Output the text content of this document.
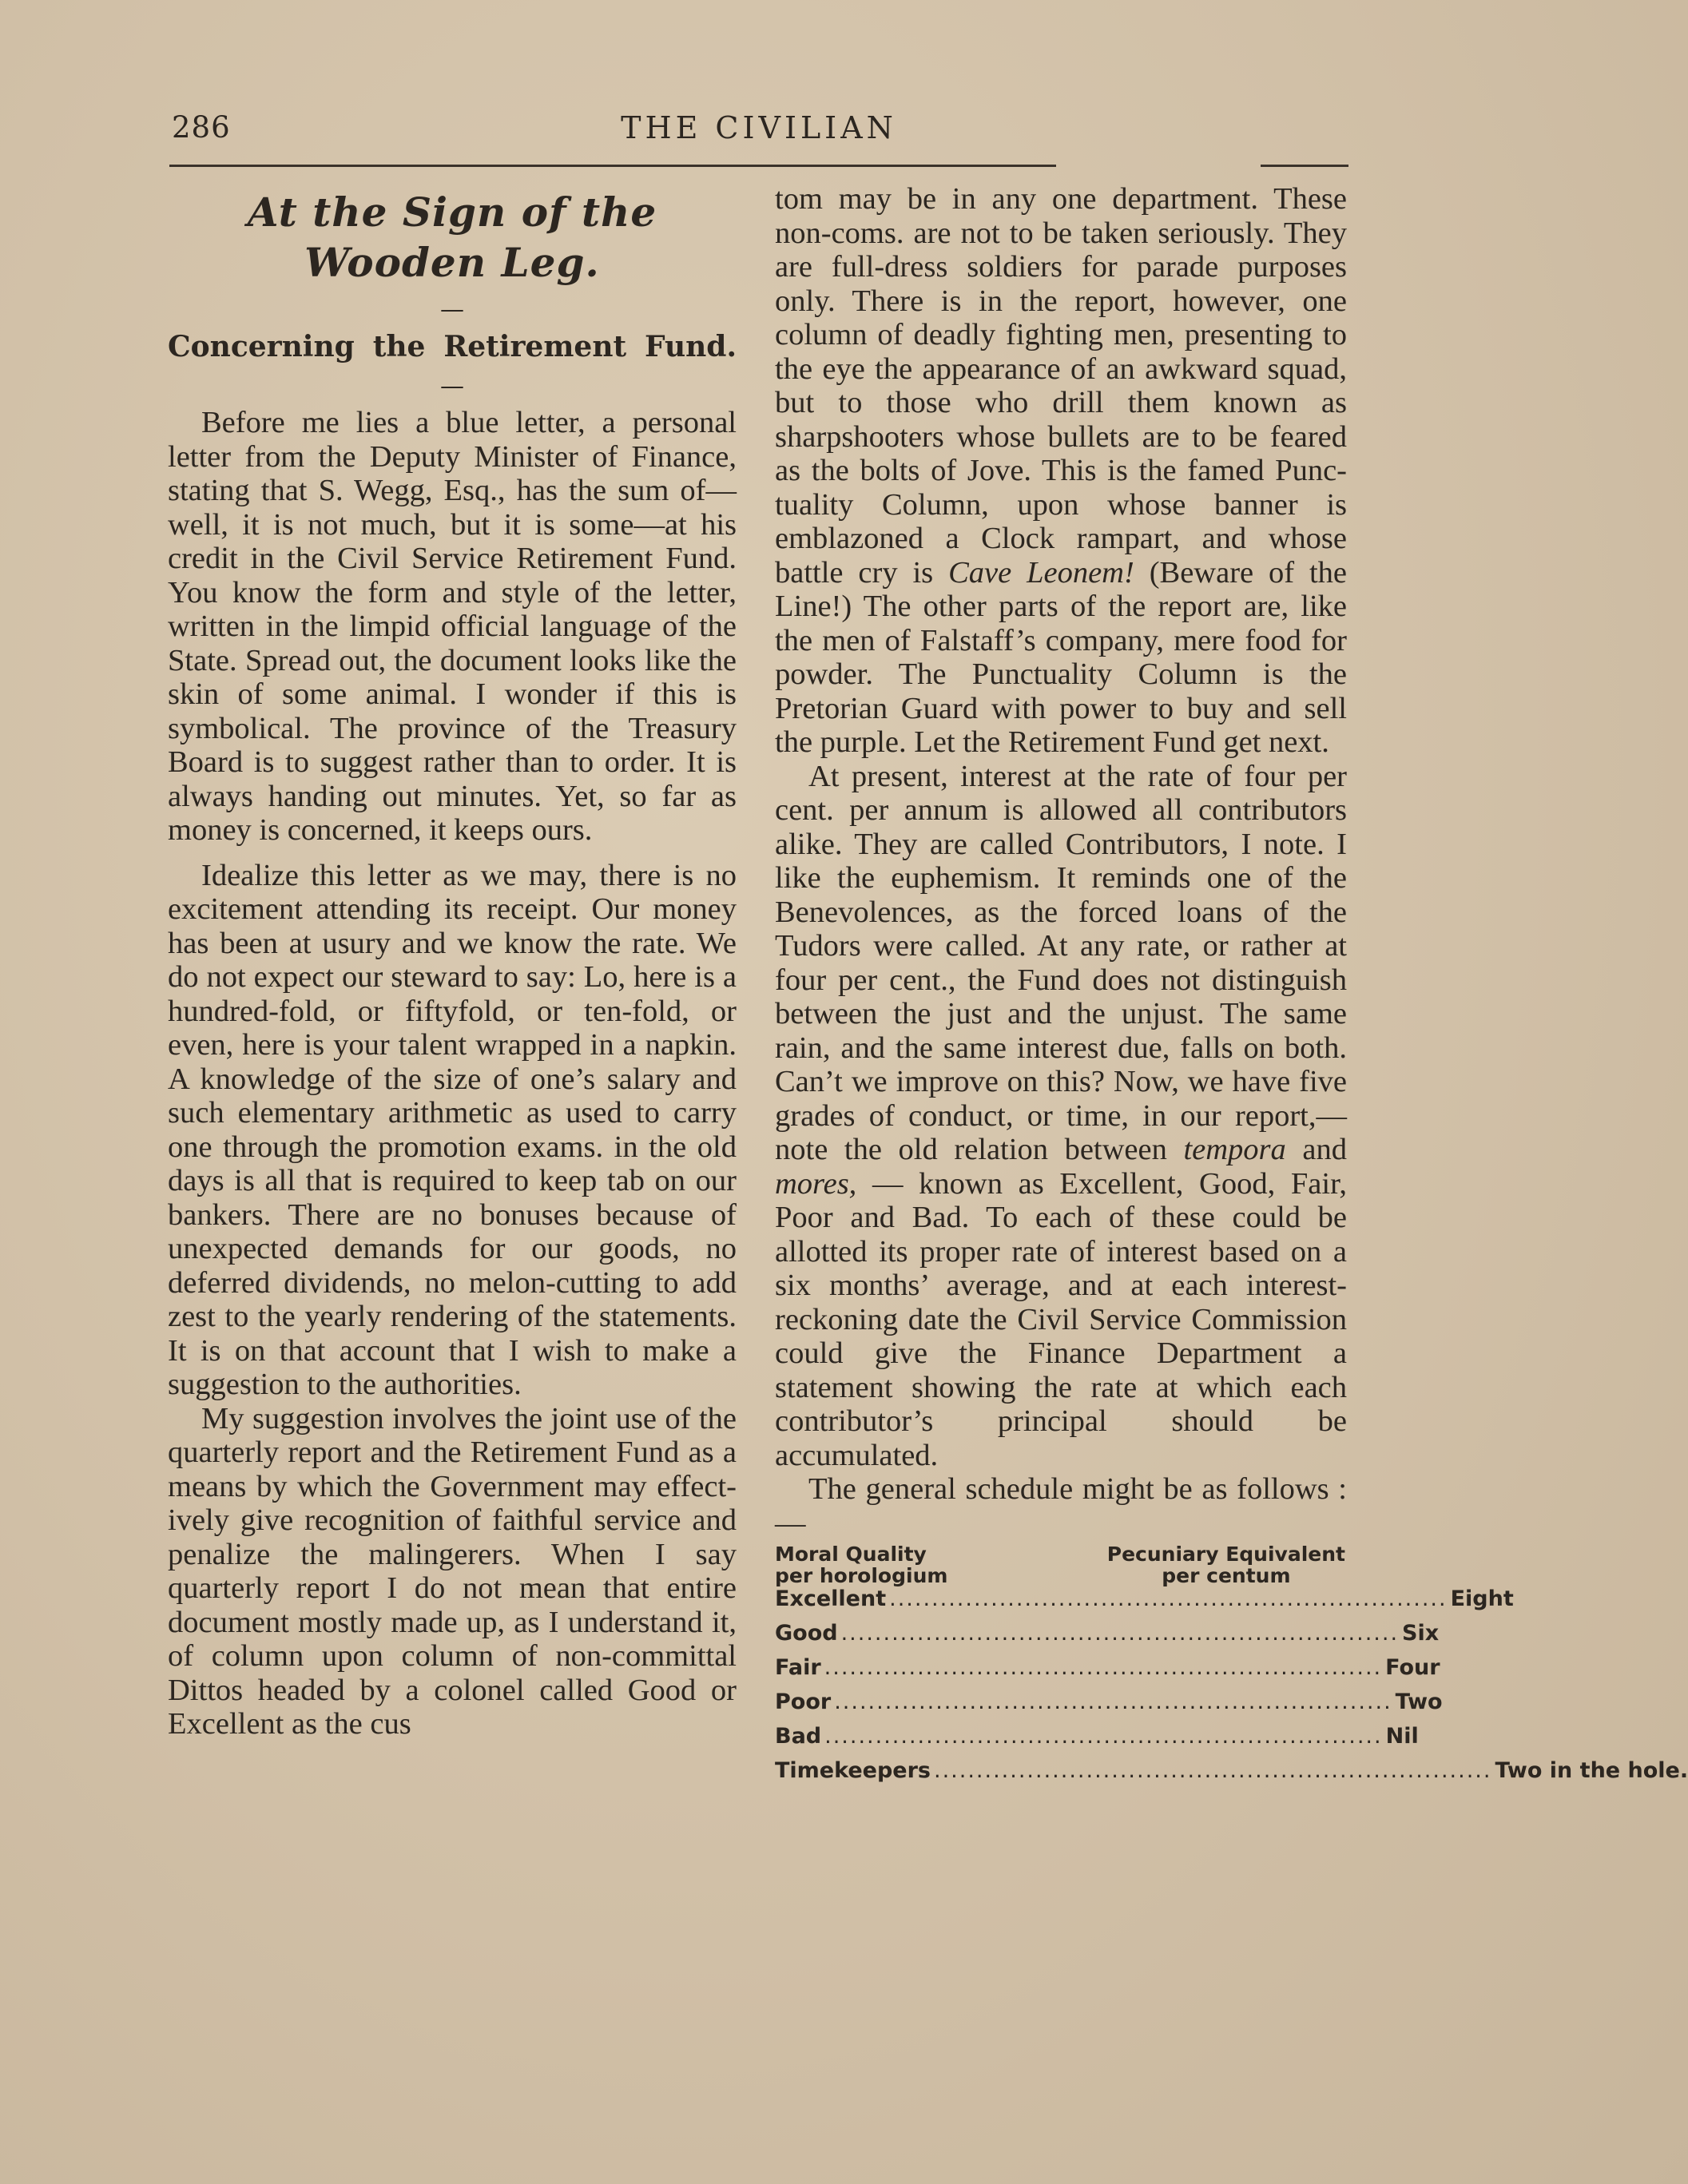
286	THE CIVILIAN
At the Sign of the Wooden Leg.
—

Concerning the Retirement Fund.

—

Before me lies a blue letter, a personal letter from the Deputy Minister of Finance, stating that S. Wegg, Esq., has the sum of—well, it is not much, but it is some—at his credit in the Civil Service Retirement Fund. You know the form and style of the letter, written in the limpid official language of the State. Spread out, the document looks like the skin of some animal. I wonder if this is symbolical. The province of the Treasury Board is to suggest rather than to order. It is always handing out minutes. Yet, so far as money is concerned, it keeps ours.

Idealize this letter as we may, there is no excitement attending its receipt. Our money has been at usury and we know the rate. We do not expect our steward to say: Lo, here is a hundred-fold, or fiftyfold, or ten-fold, or even, here is your talent wrapped in a napkin. A knowledge of the size of one’s salary and such elementary arithmetic as used to carry one through the promotion exams. in the old days is all that is required to keep tab on our bankers. There are no bonuses because of unexpected demands for our goods, no deferred dividends, no melon-cutting to add zest to the yearly rendering of the statements. It is on that account that I wish to make a suggestion to the authorities.

My suggestion involves the joint use of the quarterly report and the Retirement Fund as a means by which the Government may effectively give recognition of faithful service and penalize the malingerers. When I say quarterly report I do not mean that entire document mostly made up, as I understand it, of column upon column of non-committal Dittos headed by a colonel called Good or Excellent as the cus

tom may be in any one department. These non-coms. are not to be taken seriously. They are full-dress soldiers for parade purposes only. There is in the report, however, one column of deadly fighting men, presenting to the eye the appearance of an awkward squad, but to those who drill them known as sharpshooters whose bullets are to be feared as the bolts of Jove. This is the famed Punctuality Column, upon whose banner is emblazoned a Clock rampart, and whose battle cry is Cave Leonem! (Beware of the Line!) The other parts of the report are, like the men of Falstaff’s company, mere food for powder. The Punctuality Column is the Pretorian Guard with power to buy and sell the purple. Let the Retirement Fund get next.

At present, interest at the rate of four per cent. per annum is allowed all contributors alike. They are called Contributors, I note. I like the euphemism. It reminds one of the Benevolences, as the forced loans of the Tudors were called. At any rate, or rather at four per cent., the Fund does not distinguish between the just and the unjust. The same rain, and the same interest due, falls on both. Can’t we improve on this? Now, we have five grades of conduct, or time, in our report,—note the old relation between tempora and mores, — known as Excellent, Good, Fair, Poor and Bad. To each of these could be allotted its proper rate of interest based on a six months’ average, and at each interest-reckoning date the Civil Service Commission could give the Finance Department a statement showing the rate at which each contributor’s principal should be accumulated.

The general schedule might be as follows :—

Moral Quality
per horologium
Pecuniary Equivalent
per centum
Excellent .................................................................. Eight
Good .................................................................. Six
Fair .................................................................. Four
Poor .................................................................. Two
Bad .................................................................. Nil
Timekeepers .................................................................. Two in the hole.
